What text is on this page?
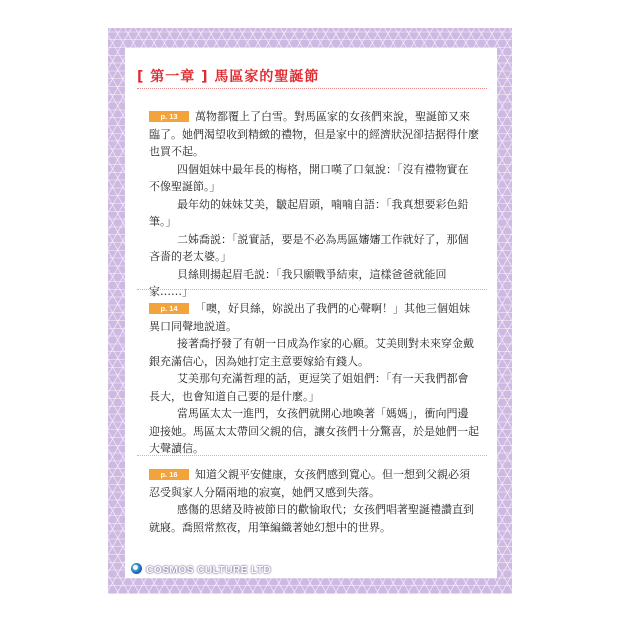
[ 第一章 ] 馬區家的聖誕節

p. 13 萬物都覆上了白雪。對馬區家的女孩們來說，聖誕節又來臨了。她們渴望收到精緻的禮物，但是家中的經濟狀況卻拮据得什麼也買不起。

四個姐妹中最年長的梅格，開口嘆了口氣說：「沒有禮物實在不像聖誕節。」

最年幼的妹妹艾美，皺起眉頭，喃喃自語：「我真想要彩色鉛筆。」

二姊喬説：「説實話，要是不必為馬區嬸嬸工作就好了，那個吝嗇的老太婆。」

貝絲則揚起眉毛説：「我只願戰爭結束，這樣爸爸就能回家……」

p. 14 「噢，好貝絲，妳説出了我們的心聲啊！」其他三個姐妹異口同聲地説道。

接著喬抒發了有朝一日成為作家的心願。艾美則對未來穿金戴銀充滿信心，因為她打定主意要嫁給有錢人。

艾美那句充滿哲理的話，更逗笑了姐姐們：「有一天我們都會長大，也會知道自己要的是什麼。」

當馬區太太一進門，女孩們就開心地喚著「媽媽」，衝向門邊迎接她。馬區太太帶回父親的信，讓女孩們十分驚喜，於是她們一起大聲讀信。

p. 16 知道父親平安健康，女孩們感到寬心。但一想到父親必須忍受與家人分隔兩地的寂寞，她們又感到失落。

感傷的思緒及時被節日的歡愉取代；女孩們唱著聖誕禮讚直到就寢。喬照常熬夜，用筆編織著她幻想中的世界。

COSMOS CULTURE LTD
